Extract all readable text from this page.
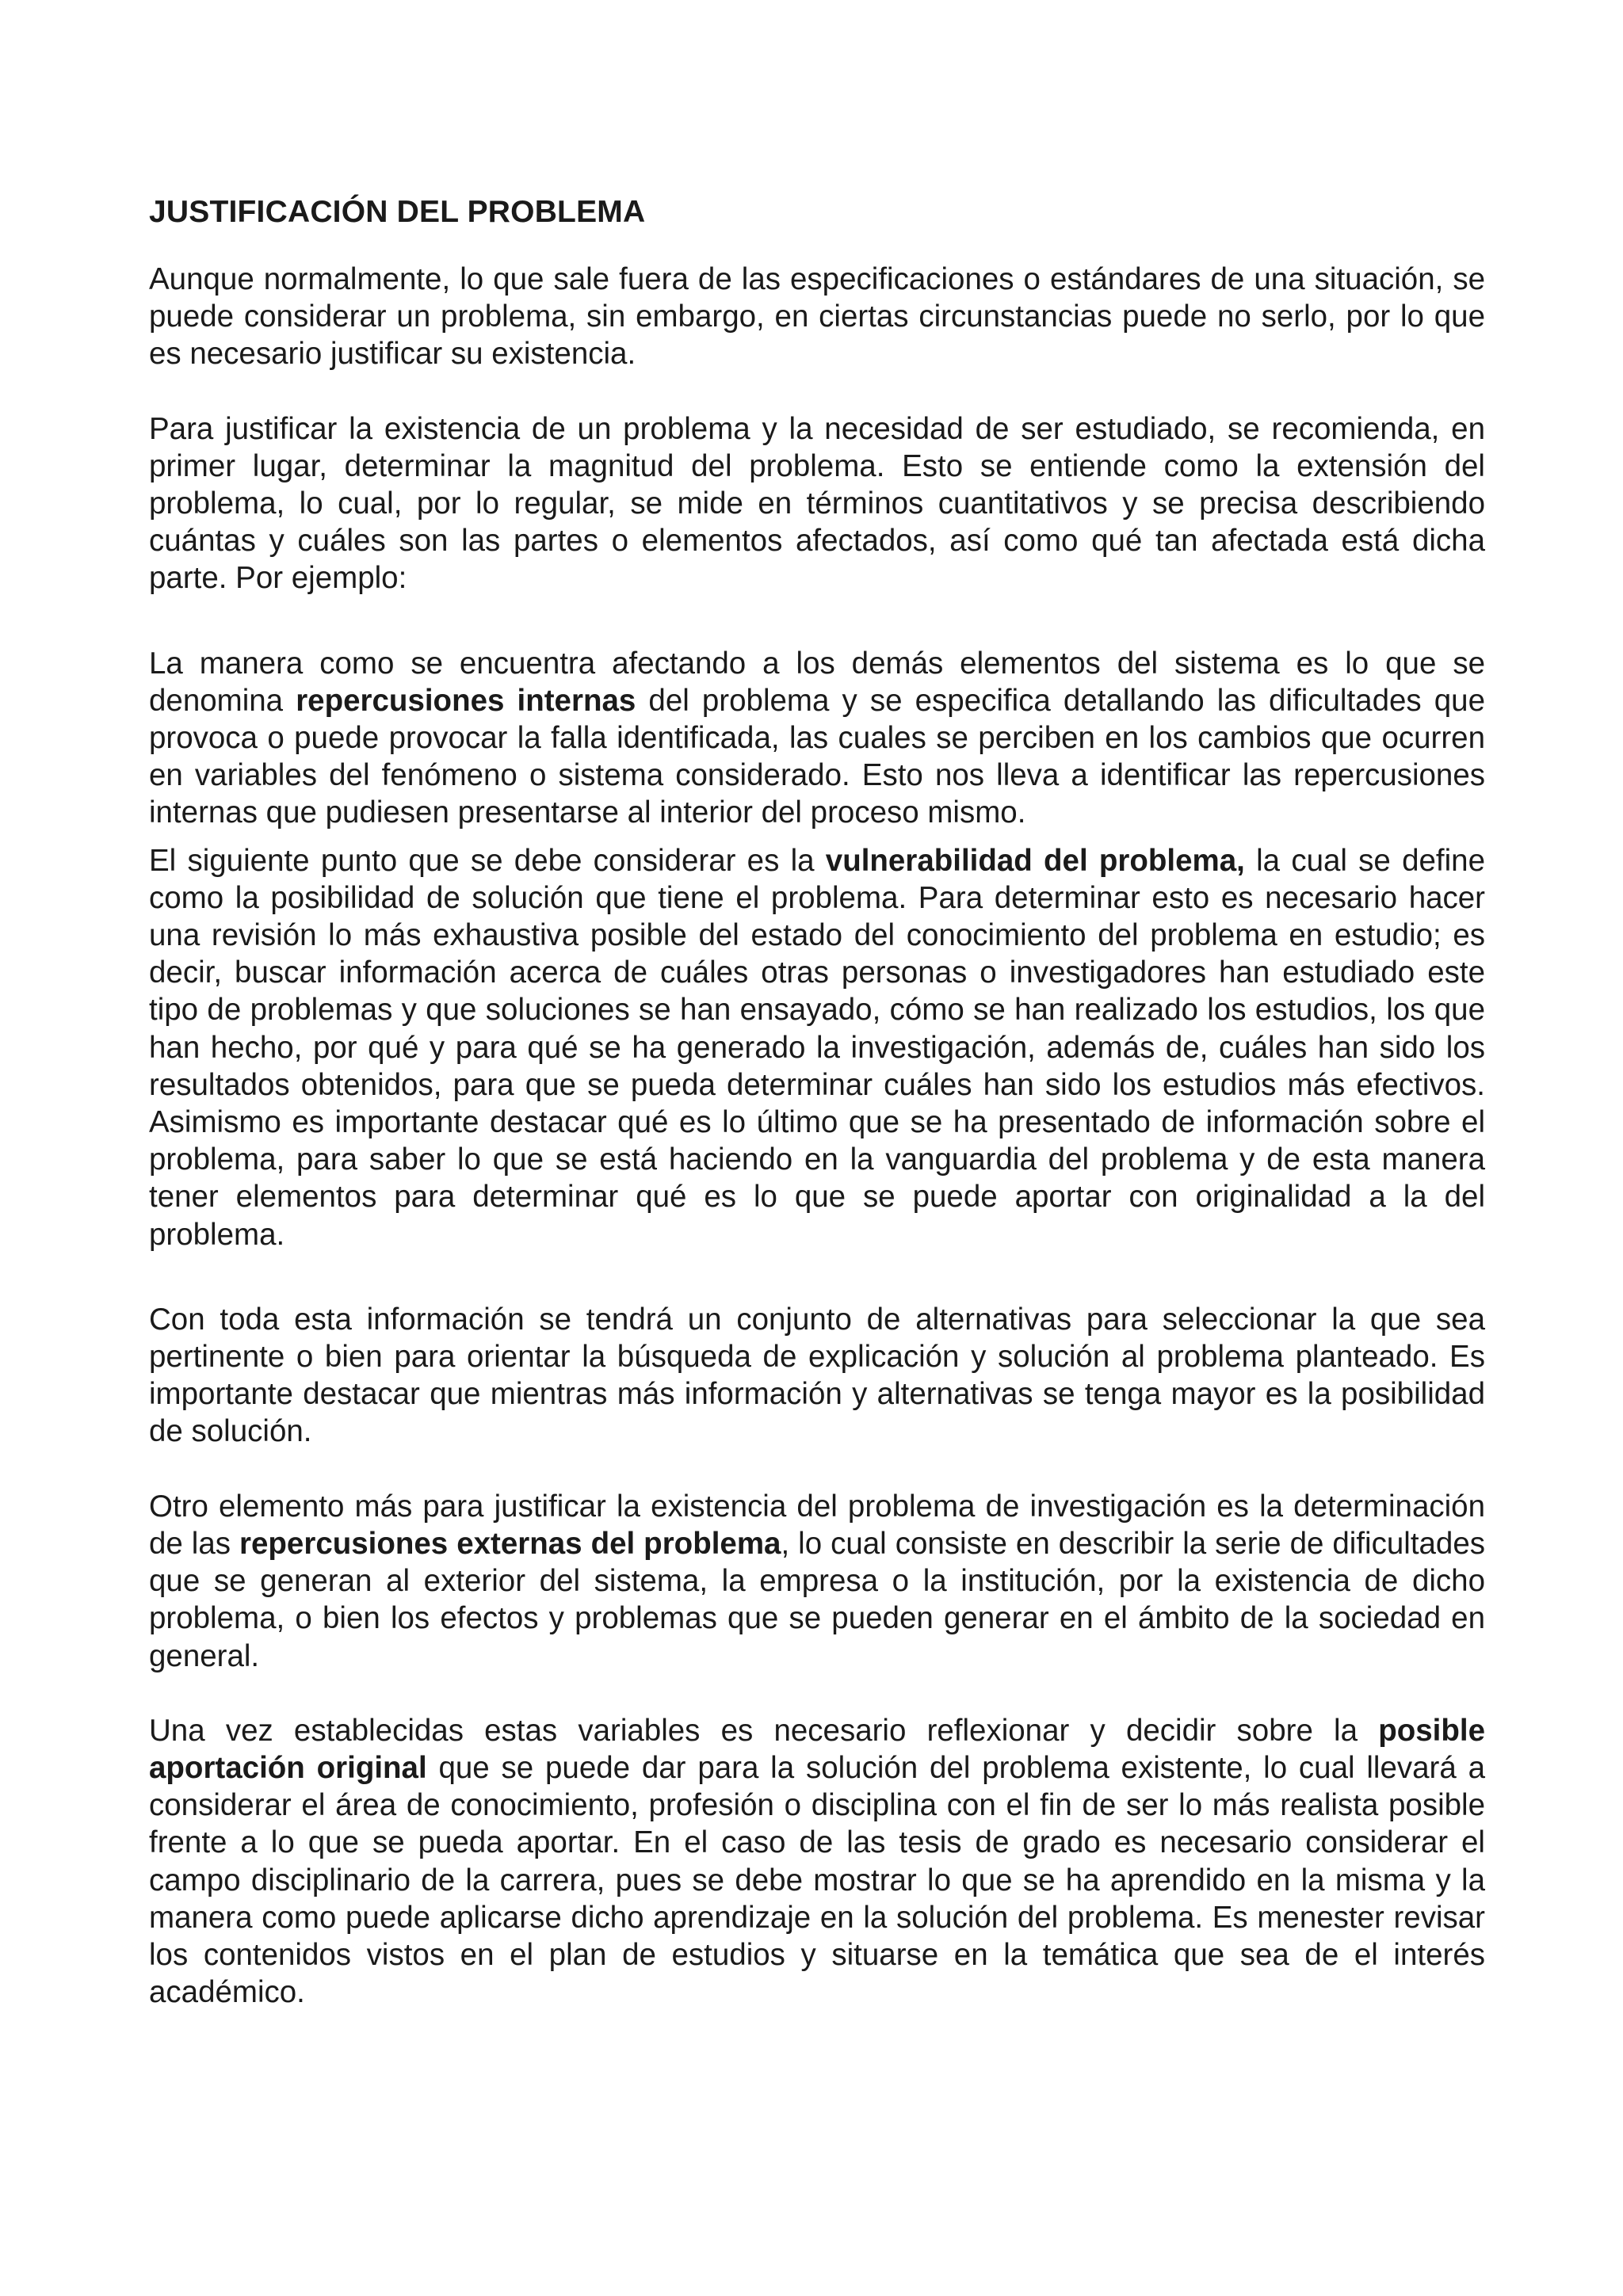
JUSTIFICACIÓN DEL PROBLEMA

Aunque normalmente, lo que sale fuera de las especificaciones o estándares de una situación, se puede considerar un problema, sin embargo, en ciertas circunstancias puede no serlo, por lo que es necesario justificar su existencia.

Para justificar la existencia de un problema y la necesidad de ser estudiado, se recomienda, en primer lugar, determinar la magnitud del problema. Esto se entiende como la extensión del problema, lo cual, por lo regular, se mide en términos cuantitativos y se precisa describiendo cuántas y cuáles son las partes o elementos afectados, así como qué tan afectada está dicha parte. Por ejemplo:

La manera como se encuentra afectando a los demás elementos del sistema es lo que se denomina repercusiones internas del problema y se especifica detallando las dificultades que provoca o puede provocar la falla identificada, las cuales se perciben en los cambios que ocurren en variables del fenómeno o sistema considerado. Esto nos lleva a identificar las repercusiones internas que pudiesen presentarse al interior del proceso mismo.

El siguiente punto que se debe considerar es la vulnerabilidad del problema, la cual se define como la posibilidad de solución que tiene el problema. Para determinar esto es necesario hacer una revisión lo más exhaustiva posible del estado del conocimiento del problema en estudio; es decir, buscar información acerca de cuáles otras personas o investigadores han estudiado este tipo de problemas y que soluciones se han ensayado, cómo se han realizado los estudios, los que han hecho, por qué y para qué se ha generado la investigación, además de, cuáles han sido los resultados obtenidos, para que se pueda determinar cuáles han sido los estudios más efectivos. Asimismo es importante destacar qué es lo último que se ha presentado de información sobre el problema, para saber lo que se está haciendo en la vanguardia del problema y de esta manera tener elementos para determinar qué es lo que se puede aportar con originalidad a la del problema.

Con toda esta información se tendrá un conjunto de alternativas para seleccionar la que sea pertinente o bien para orientar la búsqueda de explicación y solución al problema planteado. Es importante destacar que mientras más información y alternativas se tenga mayor es la posibilidad de solución.

Otro elemento más para justificar la existencia del problema de investigación es la determinación de las repercusiones externas del problema, lo cual consiste en describir la serie de dificultades que se generan al exterior del sistema, la empresa o la institución, por la existencia de dicho problema, o bien los efectos y problemas que se pueden generar en el ámbito de la sociedad en general.

Una vez establecidas estas variables es necesario reflexionar y decidir sobre la posible aportación original que se puede dar para la solución del problema existente, lo cual llevará a considerar el área de conocimiento, profesión o disciplina con el fin de ser lo más realista posible frente a lo que se pueda aportar. En el caso de las tesis de grado es necesario considerar el campo disciplinario de la carrera, pues se debe mostrar lo que se ha aprendido en la misma y la manera como puede aplicarse dicho aprendizaje en la solución del problema. Es menester revisar los contenidos vistos en el plan de estudios y situarse en la temática que sea de el interés académico.
